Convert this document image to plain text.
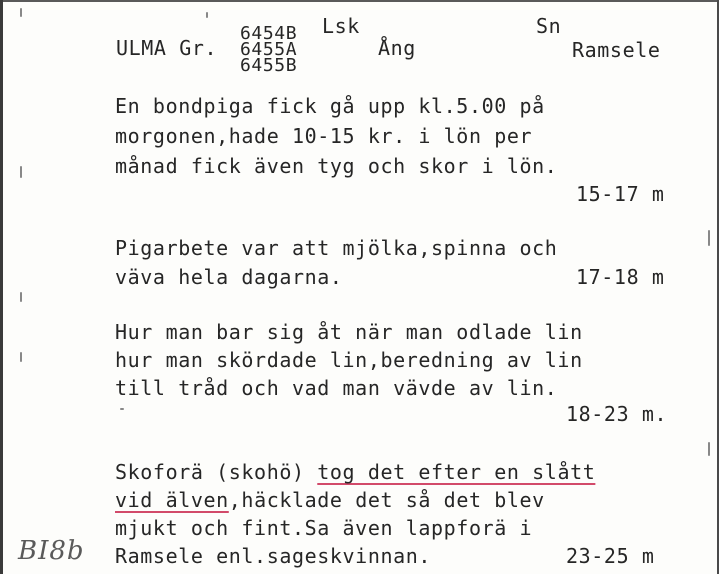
ULMA Gr.
6454B
6455A
6455B
Lsk
Ång
Sn
Ramsele
En bondpiga fick gå upp kl.5.00 på
morgonen,hade 10-15 kr. i lön per
månad fick även tyg och skor i lön.
15-17 m
Pigarbete var att mjölka,spinna och
väva hela dagarna.	17-18 m
Hur man bar sig åt när man odlade lin
hur man skördade lin,beredning av lin
till tråd och vad man vävde av lin.
18-23 m.
Skoforä (skohö) tog det efter en slått
vid älven,häcklade det så det blev
mjukt och fint.Sa även lappforä i
Ramsele enl.sageskvinnan.	23-25 m
BI8b
